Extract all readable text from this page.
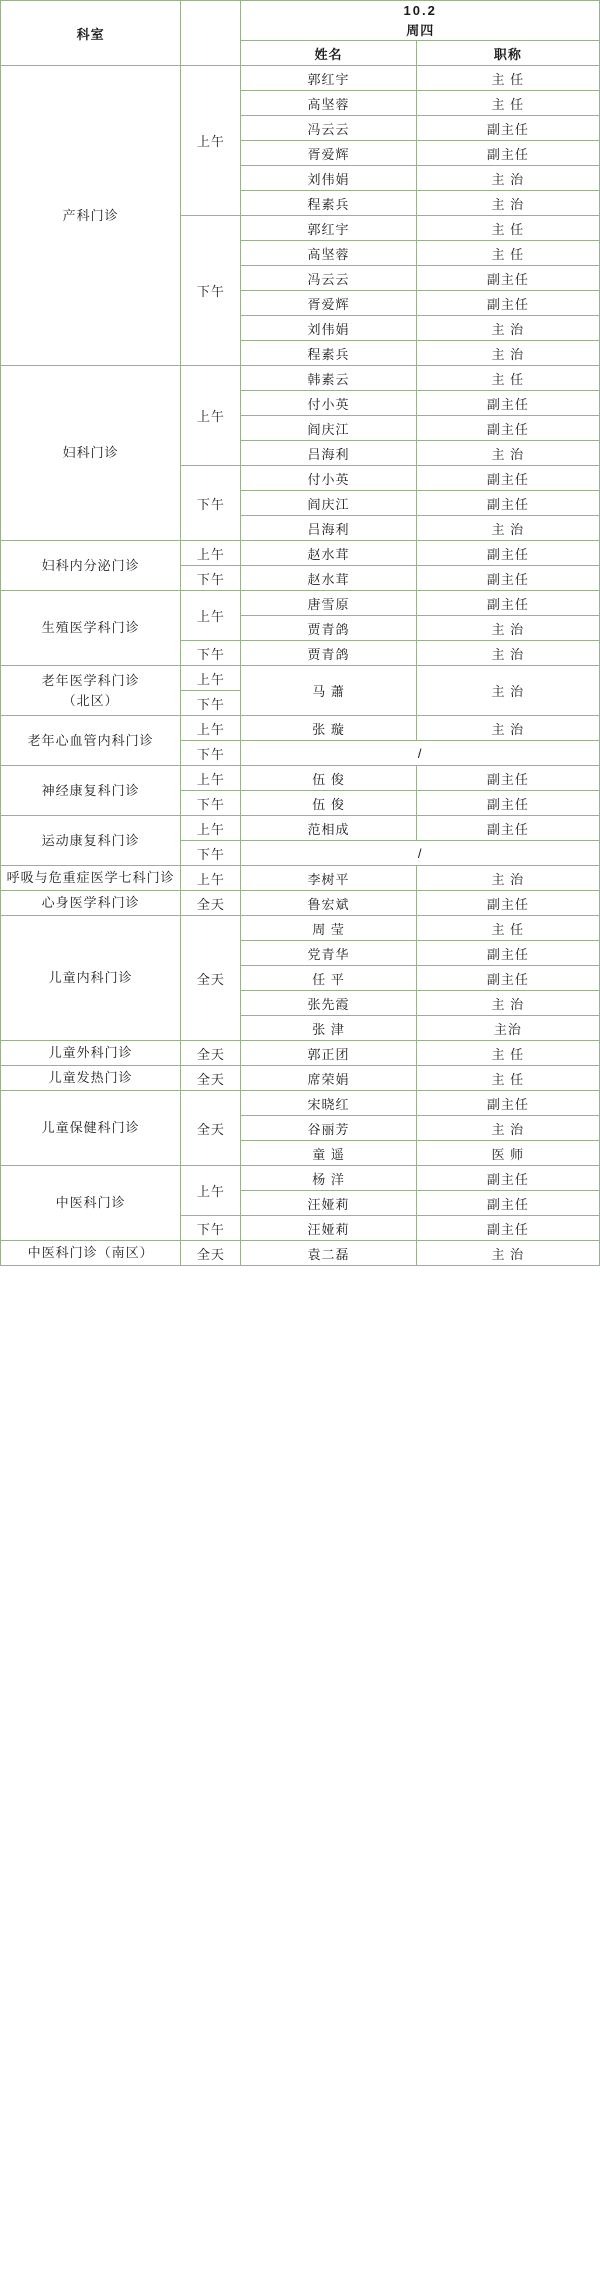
科室		10.2
周四	

		姓名	职称

产科门诊	上午	郭红宇	主 任
		高坚蓉	主 任
		冯云云	副主任
		胥爱辉	副主任
		刘伟娟	主 治
		程素兵	主 治
	下午	郭红宇	主 任
		高坚蓉	主 任
		冯云云	副主任
		胥爱辉	副主任
		刘伟娟	主 治
		程素兵	主 治

妇科门诊	上午	韩素云	主 任
		付小英	副主任
		阎庆江	副主任
		吕海利	主 治
	下午	付小英	副主任
		阎庆江	副主任
		吕海利	主 治

妇科内分泌门诊	上午	赵水茸	副主任
	下午	赵水茸	副主任

生殖医学科门诊	上午	唐雪原	副主任
		贾青鸽	主 治
	下午	贾青鸽	主 治

老年医学科门诊
（北区）	上午	马 蕭	主 治
	下午		

老年心血管内科门诊	上午	张 璇	主 治
	下午	/	

神经康复科门诊	上午	伍 俊	副主任
	下午	伍 俊	副主任

运动康复科门诊	上午	范相成	副主任
	下午	/	

呼吸与危重症医学七科门诊	上午	李树平	主 治

心身医学科门诊	全天	鲁宏斌	副主任

儿童内科门诊	全天	周 莹	主 任
		党青华	副主任
		任 平	副主任
		张先霞	主 治
		张 津	主治

儿童外科门诊	全天	郭正团	主 任

儿童发热门诊	全天	席荣娟	主 任

儿童保健科门诊	全天	宋晓红	副主任
		谷丽芳	主 治
		童 遥	医 师

中医科门诊	上午	杨 洋	副主任
		汪娅莉	副主任
	下午	汪娅莉	副主任

中医科门诊（南区）	全天	袁二磊	主 治
